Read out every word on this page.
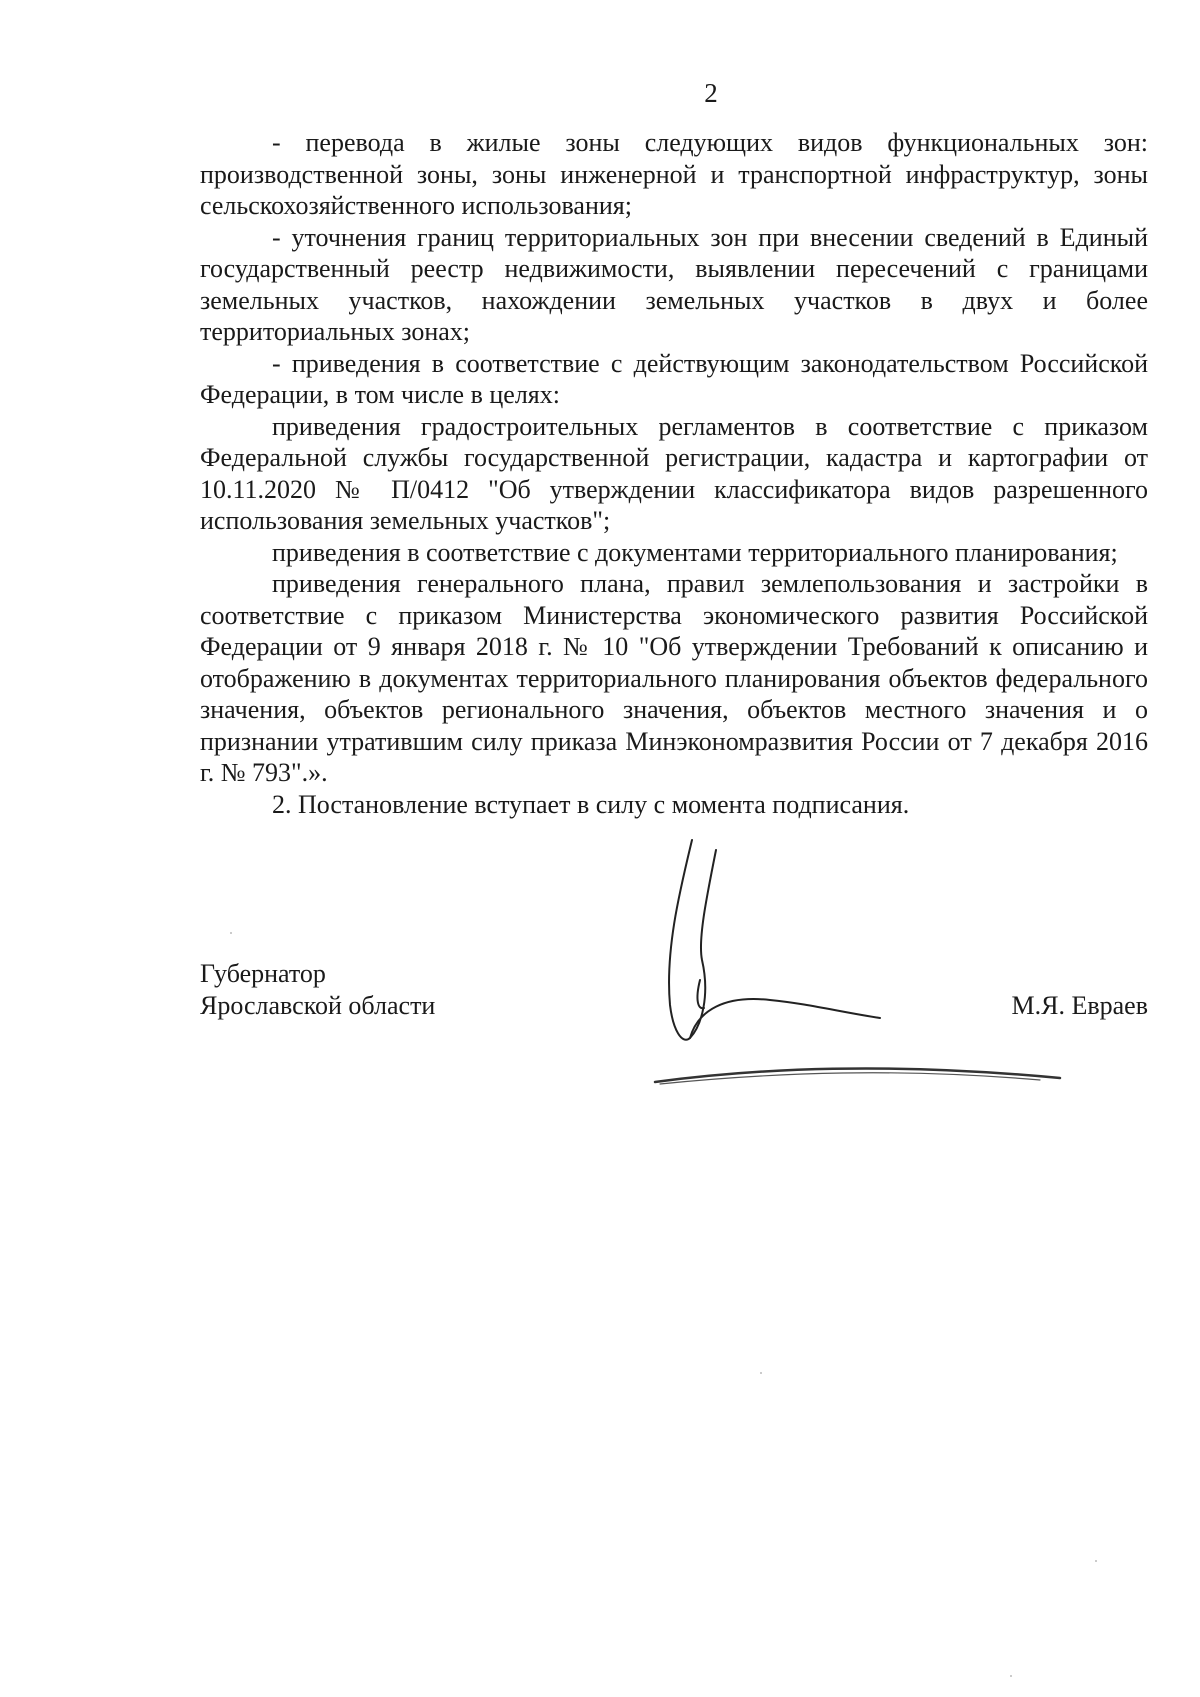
2

- перевода в жилые зоны следующих видов функциональных зон: производственной зоны, зоны инженерной и транспортной инфраструктур, зоны сельскохозяйственного использования;

- уточнения границ территориальных зон при внесении сведений в Единый государственный реестр недвижимости, выявлении пересечений с границами земельных участков, нахождении земельных участков в двух и более территориальных зонах;

- приведения в соответствие с действующим законодательством Российской Федерации, в том числе в целях:

приведения градостроительных регламентов в соответствие с приказом Федеральной службы государственной регистрации, кадастра и картографии от 10.11.2020 № П/0412 "Об утверждении классификатора видов разрешенного использования земельных участков";

приведения в соответствие с документами территориального планирования;

приведения генерального плана, правил землепользования и застройки в соответствие с приказом Министерства экономического развития Российской Федерации от 9 января 2018 г. № 10 "Об утверждении Требований к описанию и отображению в документах территориального планирования объектов федерального значения, объектов регионального значения, объектов местного значения и о признании утратившим силу приказа Минэкономразвития России от 7 декабря 2016 г. № 793".».

2. Постановление вступает в силу с момента подписания.

Губернатор
Ярославской области	М.Я. Евраев
